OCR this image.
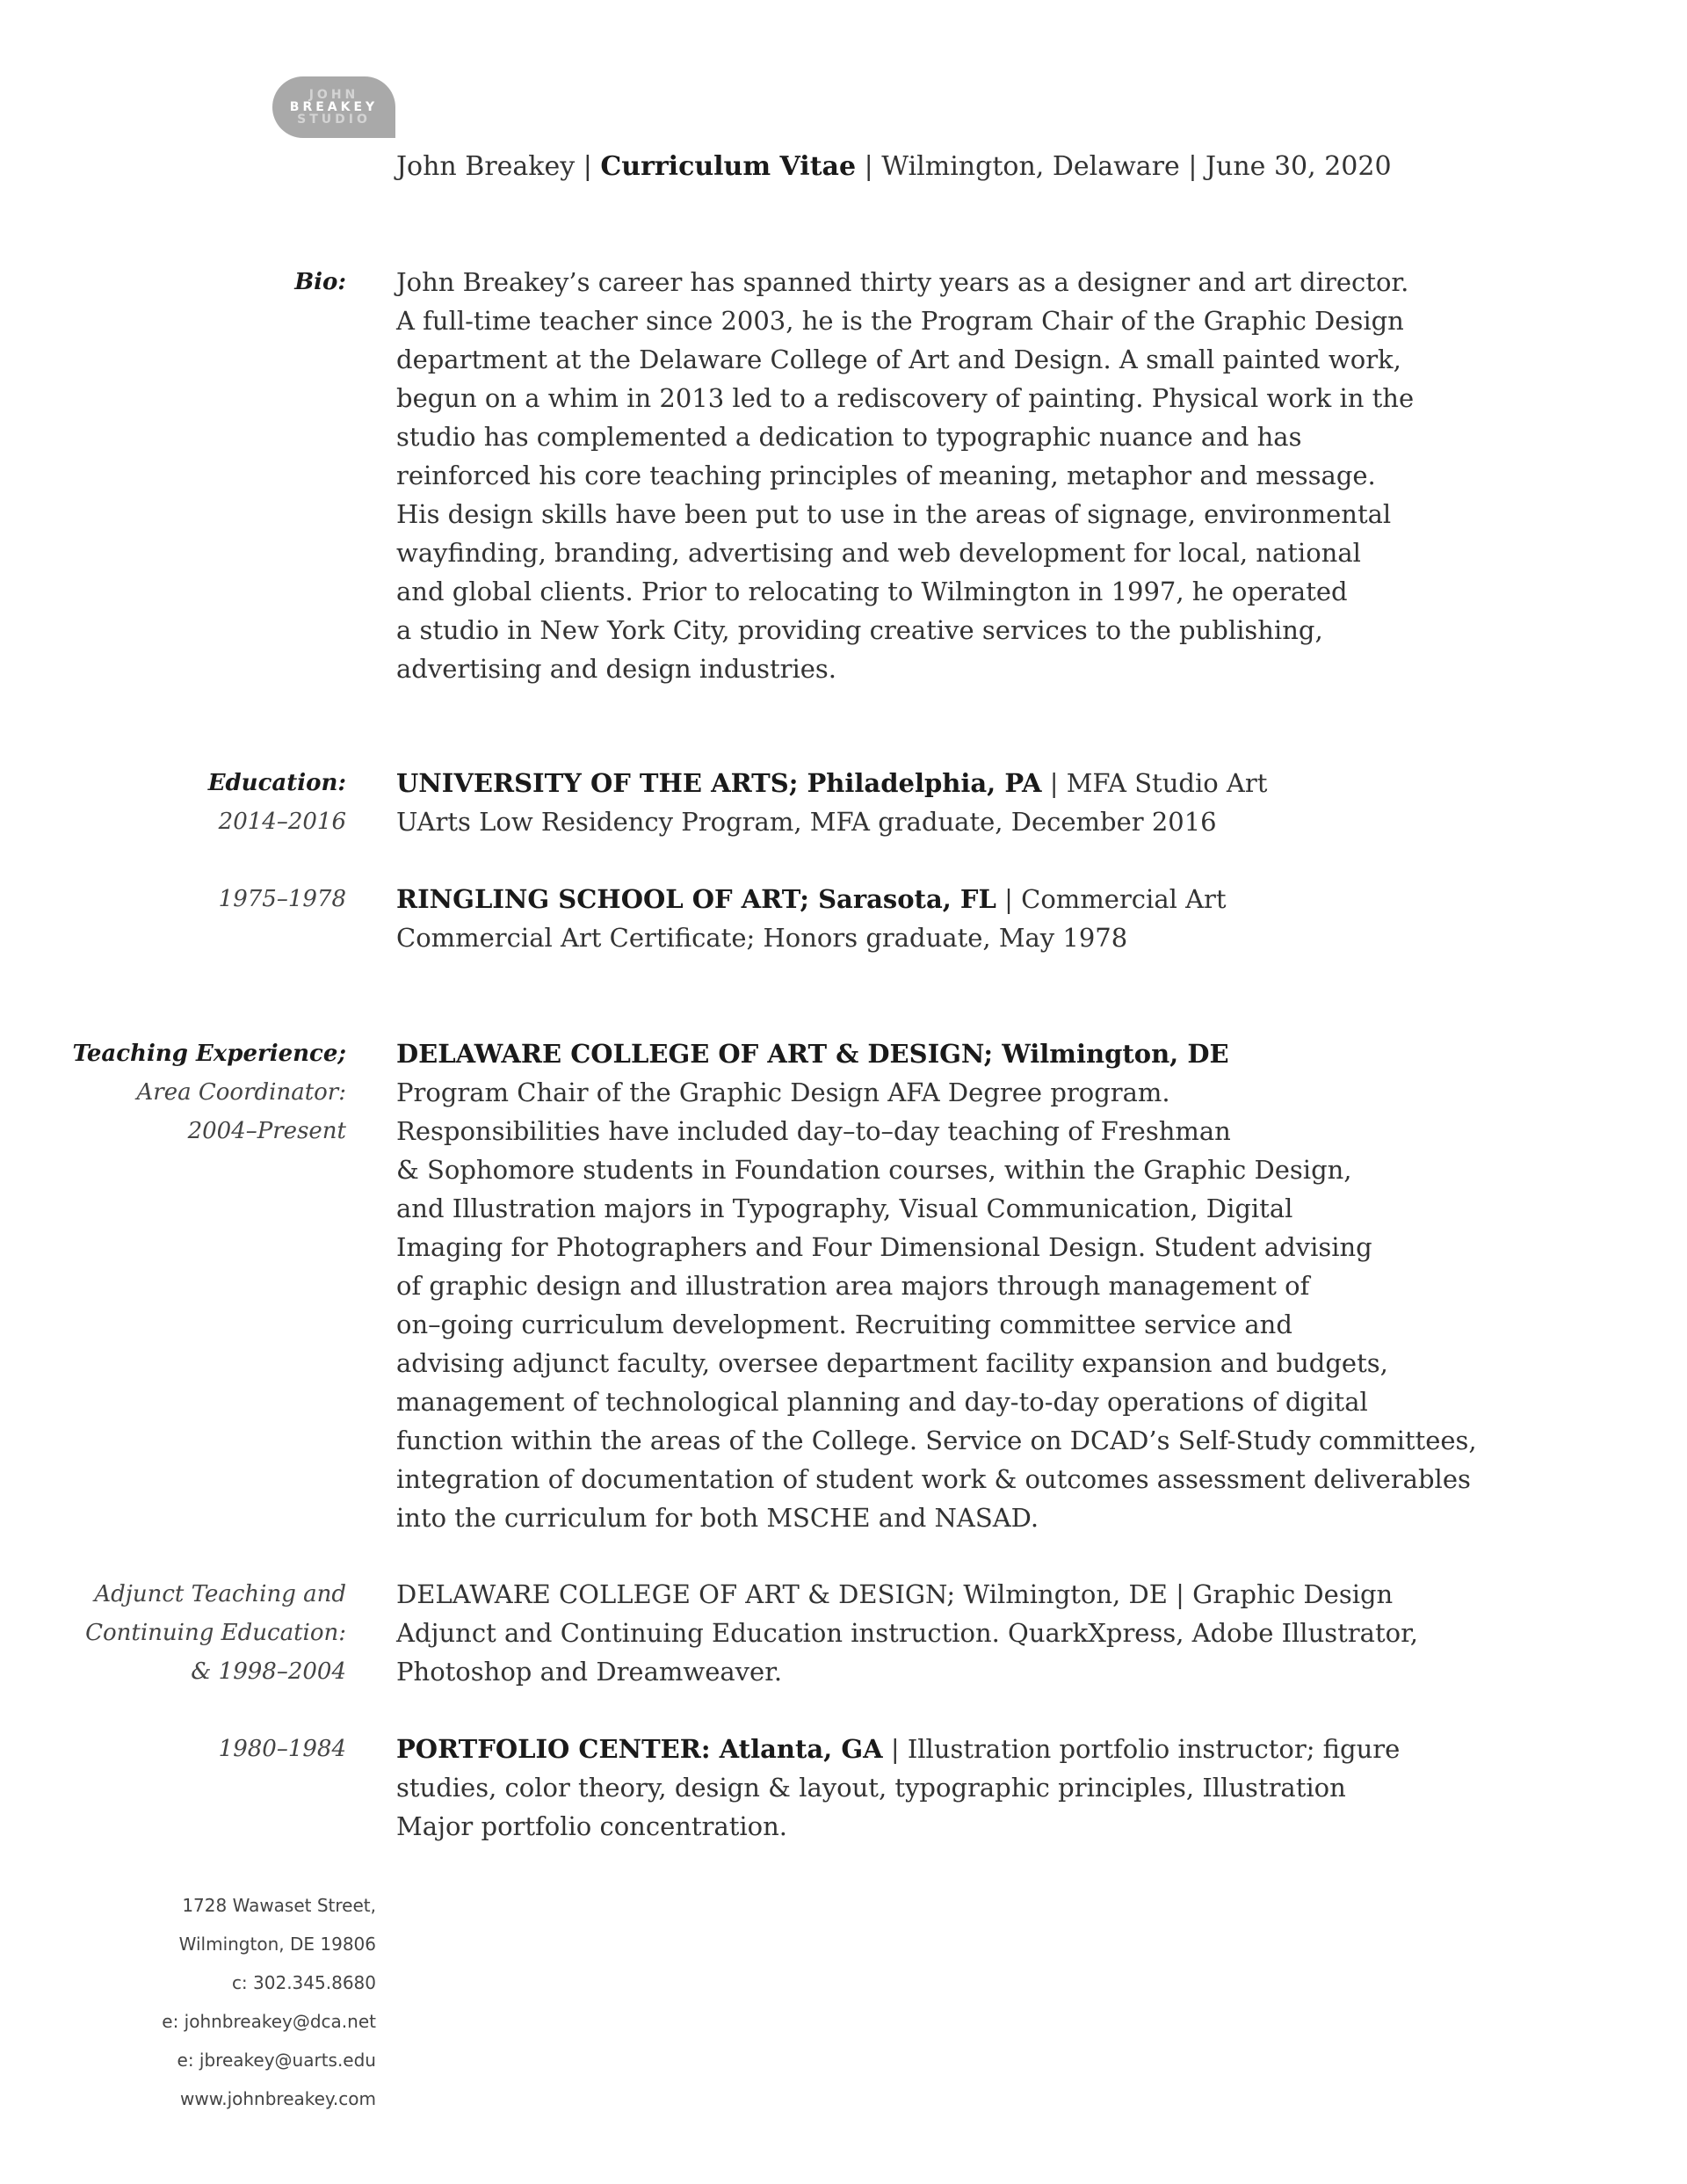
JOHN
BREAKEY
STUDIO
John Breakey | Curriculum Vitae | Wilmington, Delaware | June 30, 2020
Bio: John Breakey’s career has spanned thirty years as a designer and art director.
A full-time teacher since 2003, he is the Program Chair of the Graphic Design
department at the Delaware College of Art and Design. A small painted work,
begun on a whim in 2013 led to a rediscovery of painting. Physical work in the
studio has complemented a dedication to typographic nuance and has
reinforced his core teaching principles of meaning, metaphor and message.
His design skills have been put to use in the areas of signage, environmental
wayfinding, branding, advertising and web development for local, national
and global clients. Prior to relocating to Wilmington in 1997, he operated
a studio in New York City, providing creative services to the publishing,
advertising and design industries.
Education:
2014–2016
UNIVERSITY OF THE ARTS; Philadelphia, PA | MFA Studio Art
UArts Low Residency Program, MFA graduate, December 2016
1975–1978 RINGLING SCHOOL OF ART; Sarasota, FL | Commercial Art
Commercial Art Certificate; Honors graduate, May 1978
Teaching Experience;
Area Coordinator:
2004–Present
DELAWARE COLLEGE OF ART & DESIGN; Wilmington, DE
Program Chair of the Graphic Design AFA Degree program.
Responsibilities have included day–to–day teaching of Freshman
& Sophomore students in Foundation courses, within the Graphic Design,
and Illustration majors in Typography, Visual Communication, Digital
Imaging for Photographers and Four Dimensional Design. Student advising
of graphic design and illustration area majors through management of
on–going curriculum development. Recruiting committee service and
advising adjunct faculty, oversee department facility expansion and budgets,
management of technological planning and day-to-day operations of digital
function within the areas of the College. Service on DCAD’s Self-Study committees,
integration of documentation of student work & outcomes assessment deliverables
into the curriculum for both MSCHE and NASAD.
Adjunct Teaching and
Continuing Education:
& 1998–2004
DELAWARE COLLEGE OF ART & DESIGN; Wilmington, DE | Graphic Design
Adjunct and Continuing Education instruction. QuarkXpress, Adobe Illustrator,
Photoshop and Dreamweaver.
1980–1984 PORTFOLIO CENTER: Atlanta, GA | Illustration portfolio instructor; figure
studies, color theory, design & layout, typographic principles, Illustration
Major portfolio concentration.
1728 Wawaset Street,
Wilmington, DE 19806
c: 302.345.8680
e: johnbreakey@dca.net
e: jbreakey@uarts.edu
www.johnbreakey.com
